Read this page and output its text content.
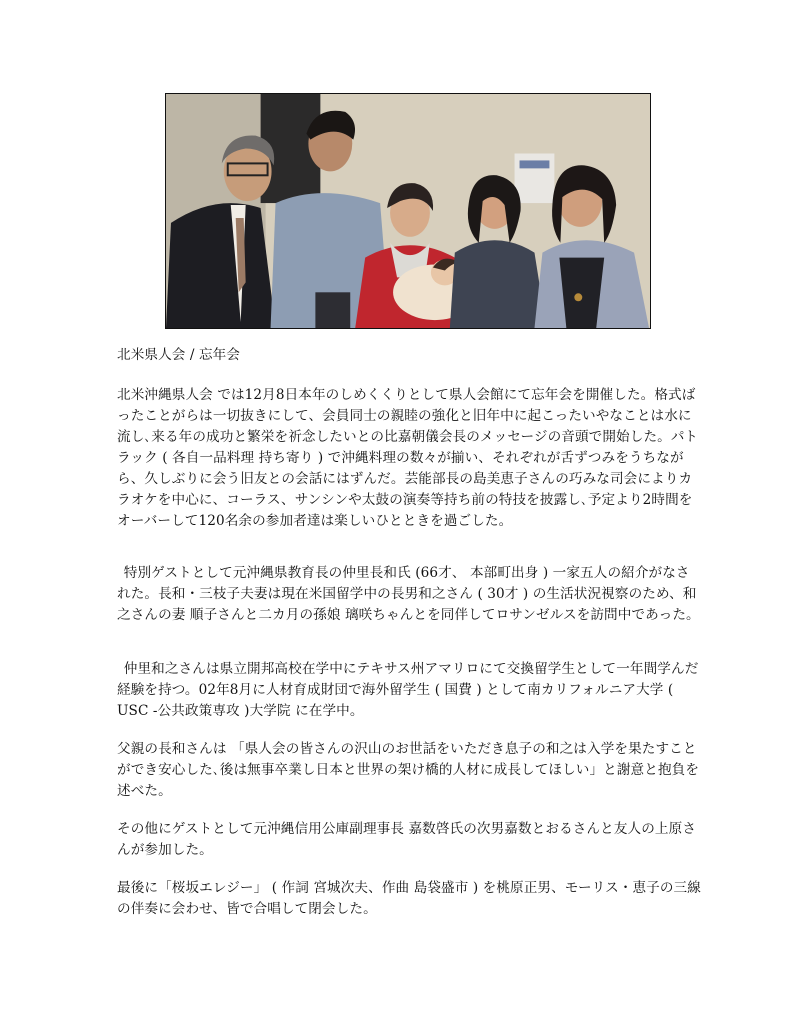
北米県人会 / 忘年会
北米沖縄県人会 では12月8日本年のしめくくりとして県人会館にて忘年会を開催した。格式ばったことがらは一切抜きにして、会員同士の親睦の強化と旧年中に起こったいやなことは水に流し､来る年の成功と繁栄を祈念したいとの比嘉朝儀会長のメッセージの音頭で開始した。パトラック ( 各自一品料理 持ち寄り ) で沖縄料理の数々が揃い、それぞれが舌ずつみをうちながら、久しぶりに会う旧友との会話にはずんだ。芸能部長の島美恵子さんの巧みな司会によりカラオケを中心に、コーラス、サンシンや太鼓の演奏等持ち前の特技を披露し､予定より2時間をオーバーして120名余の参加者達は楽しいひとときを過ごした。
特別ゲストとして元沖縄県教育長の仲里長和氏 (66才、 本部町出身 ) 一家五人の紹介がなされた。長和・三枝子夫妻は現在米国留学中の長男和之さん ( 30才 ) の生活状況視察のため、和之さんの妻 順子さんと二カ月の孫娘 璃咲ちゃんとを同伴してロサンゼルスを訪問中であった。
仲里和之さんは県立開邦高校在学中にテキサス州アマリロにて交換留学生として一年間学んだ経験を持つ。02年8月に人材育成財団で海外留学生 ( 国費 ) として南カリフォルニア大学 ( USC -公共政策専攻 )大学院 に在学中。
父親の長和さんは 「県人会の皆さんの沢山のお世話をいただき息子の和之は入学を果たすことができ安心した､後は無事卒業し日本と世界の架け橋的人材に成長してほしい」と謝意と抱負を述べた。
その他にゲストとして元沖縄信用公庫副理事長 嘉数啓氏の次男嘉数とおるさんと友人の上原さんが参加した。
最後に「桜坂エレジー」 ( 作詞 宮城次夫、作曲 島袋盛市 ) を桃原正男、モーリス・恵子の三線の伴奏に会わせ、皆で合唱して閉会した。
